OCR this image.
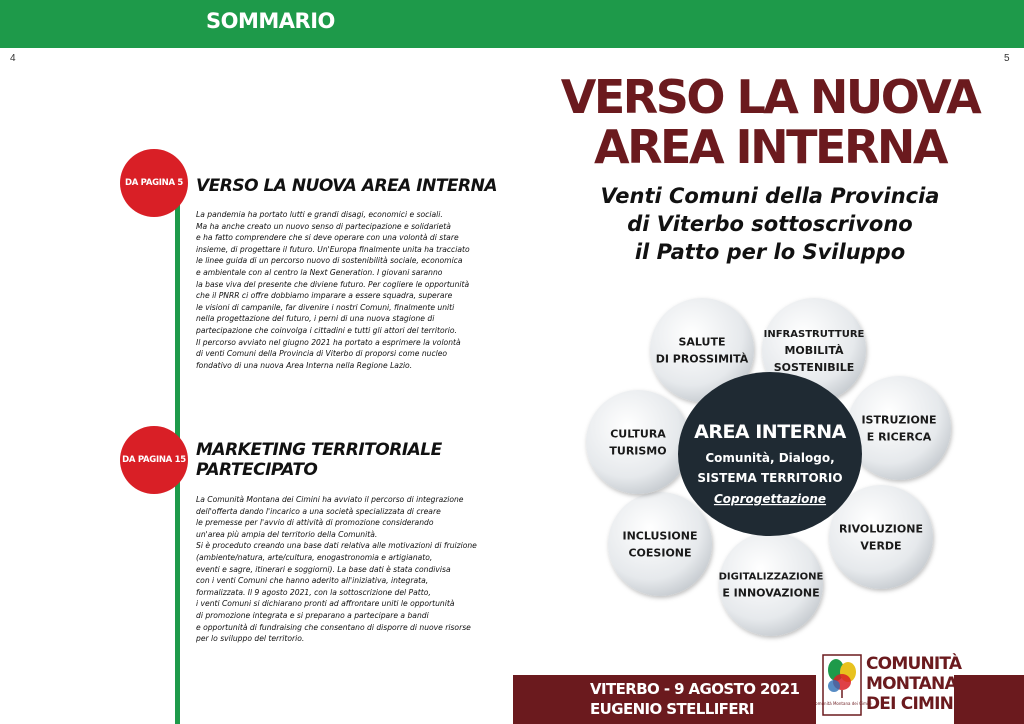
SOMMARIO
4	5
DA PAGINA 5 VERSO LA NUOVA AREA INTERNA
La pandemia ha portato lutti e grandi disagi, economici e sociali.
Ma ha anche creato un nuovo senso di partecipazione e solidarietà
e ha fatto comprendere che si deve operare con una volontà di stare
insieme, di progettare il futuro. Un'Europa finalmente unita ha tracciato
le linee guida di un percorso nuovo di sostenibilità sociale, economica
e ambientale con al centro la Next Generation. I giovani saranno
la base viva del presente che diviene futuro. Per cogliere le opportunità
che il PNRR ci offre dobbiamo imparare a essere squadra, superare
le visioni di campanile, far divenire i nostri Comuni, finalmente uniti
nella progettazione del futuro, i perni di una nuova stagione di
partecipazione che coinvolga i cittadini e tutti gli attori del territorio.
Il percorso avviato nel giugno 2021 ha portato a esprimere la volontà
di venti Comuni della Provincia di Viterbo di proporsi come nucleo
fondativo di una nuova Area Interna nella Regione Lazio.
DA PAGINA 15 MARKETING TERRITORIALE
PARTECIPATO
La Comunità Montana dei Cimini ha avviato il percorso di integrazione
dell'offerta dando l'incarico a una società specializzata di creare
le premesse per l'avvio di attività di promozione considerando
un'area più ampia del territorio della Comunità.
Si è proceduto creando una base dati relativa alle motivazioni di fruizione
(ambiente/natura, arte/cultura, enogastronomia e artigianato,
eventi e sagre, itinerari e soggiorni). La base dati è stata condivisa
con i venti Comuni che hanno aderito all'iniziativa, integrata,
formalizzata. Il 9 agosto 2021, con la sottoscrizione del Patto,
i venti Comuni si dichiarano pronti ad affrontare uniti le opportunità
di promozione integrata e si preparano a partecipare a bandi
e opportunità di fundraising che consentano di disporre di nuove risorse
per lo sviluppo del territorio.
VERSO LA NUOVA
AREA INTERNA
Venti Comuni della Provincia
di Viterbo sottoscrivono
il Patto per lo Sviluppo
SALUTE
DI PROSSIMITÀ
INFRASTRUTTURE
MOBILITÀ
SOSTENIBILE
ISTRUZIONE
E RICERCA
RIVOLUZIONE
VERDE
DIGITALIZZAZIONE
E INNOVAZIONE
INCLUSIONE
COESIONE
CULTURA
TURISMO
AREA INTERNA
Comunità, Dialogo,
SISTEMA TERRITORIO
Coprogettazione
VITERBO - 9 AGOSTO 2021
EUGENIO STELLIFERI	Comunità Montana dei Cimini
COMUNITÀ
MONTANA
DEI CIMINI
